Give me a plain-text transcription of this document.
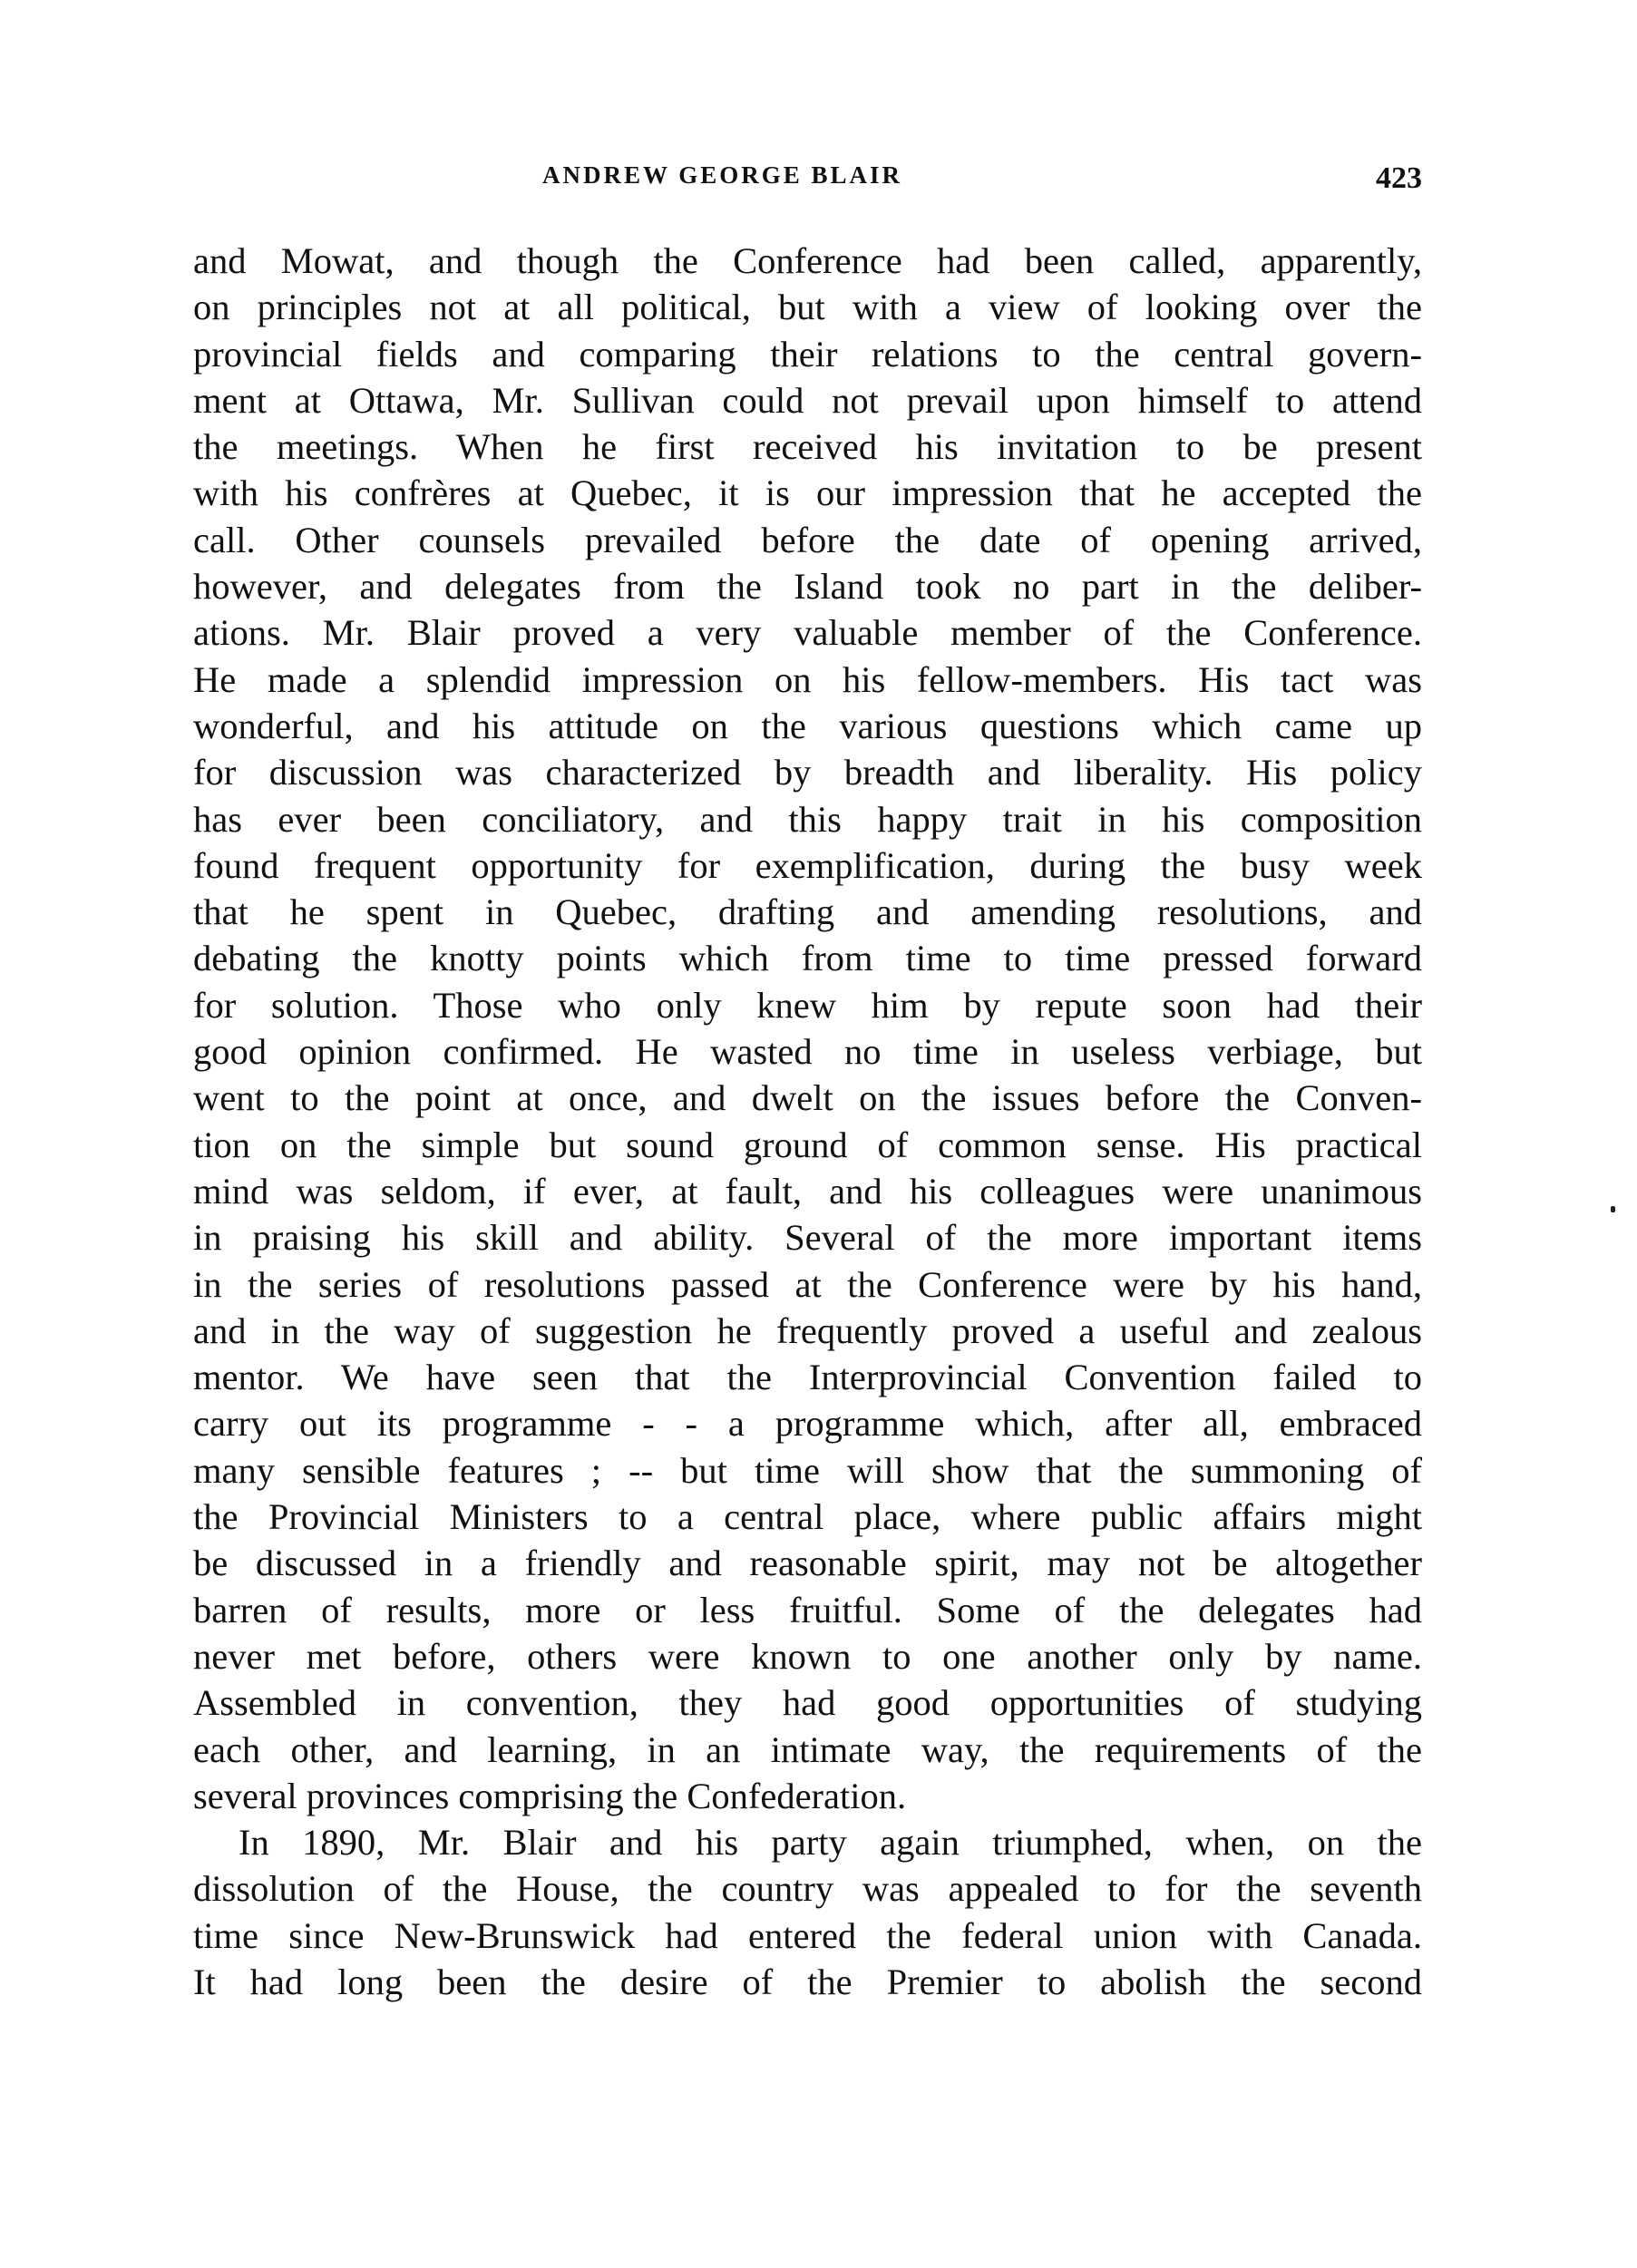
ANDREW GEORGE BLAIR	423

and Mowat, and though the Conference had been called, apparently,
on principles not at all political, but with a view of looking over the
provincial fields and comparing their relations to the central govern-
ment at Ottawa, Mr. Sullivan could not prevail upon himself to attend
the meetings. When he first received his invitation to be present
with his confrères at Quebec, it is our impression that he accepted the
call. Other counsels prevailed before the date of opening arrived,
however, and delegates from the Island took no part in the deliber-
ations. Mr. Blair proved a very valuable member of the Conference.
He made a splendid impression on his fellow-members. His tact was
wonderful, and his attitude on the various questions which came up
for discussion was characterized by breadth and liberality. His policy
has ever been conciliatory, and this happy trait in his composition
found frequent opportunity for exemplification, during the busy week
that he spent in Quebec, drafting and amending resolutions, and
debating the knotty points which from time to time pressed forward
for solution. Those who only knew him by repute soon had their
good opinion confirmed. He wasted no time in useless verbiage, but
went to the point at once, and dwelt on the issues before the Conven-
tion on the simple but sound ground of common sense. His practical
mind was seldom, if ever, at fault, and his colleagues were unanimous
in praising his skill and ability. Several of the more important items
in the series of resolutions passed at the Conference were by his hand,
and in the way of suggestion he frequently proved a useful and zealous
mentor. We have seen that the Interprovincial Convention failed to
carry out its programme - - a programme which, after all, embraced
many sensible features ; -- but time will show that the summoning of
the Provincial Ministers to a central place, where public affairs might
be discussed in a friendly and reasonable spirit, may not be altogether
barren of results, more or less fruitful. Some of the delegates had
never met before, others were known to one another only by name.
Assembled in convention, they had good opportunities of studying
each other, and learning, in an intimate way, the requirements of the
several provinces comprising the Confederation.

In 1890, Mr. Blair and his party again triumphed, when, on the
dissolution of the House, the country was appealed to for the seventh
time since New-Brunswick had entered the federal union with Canada.
It had long been the desire of the Premier to abolish the second
